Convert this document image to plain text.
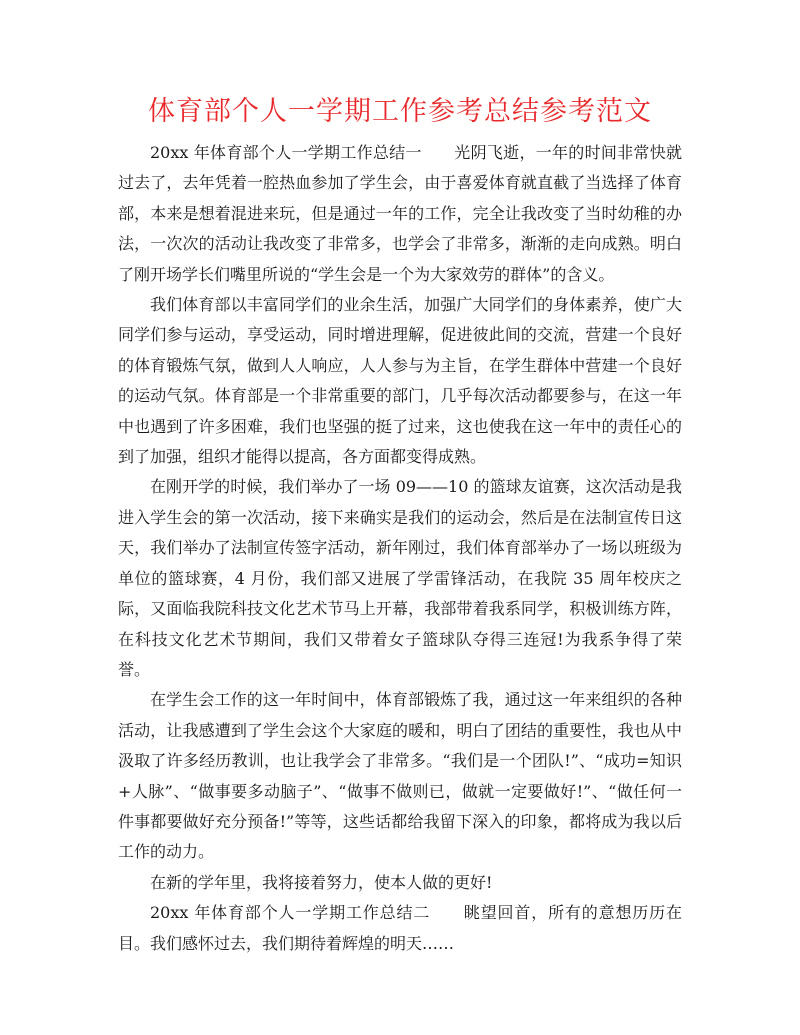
体育部个人一学期工作参考总结参考范文

20xx 年体育部个人一学期工作总结一　　光阴飞逝，一年的时间非常快就过去了，去年凭着一腔热血参加了学生会，由于喜爱体育就直截了当选择了体育部，本来是想着混进来玩，但是通过一年的工作，完全让我改变了当时幼稚的办法，一次次的活动让我改变了非常多，也学会了非常多，渐渐的走向成熟。明白了刚开场学长们嘴里所说的“学生会是一个为大家效劳的群体”的含义。

我们体育部以丰富同学们的业余生活，加强广大同学们的身体素养，使广大同学们参与运动，享受运动，同时增进理解，促进彼此间的交流，营建一个良好的体育锻炼气氛，做到人人响应，人人参与为主旨，在学生群体中营建一个良好的运动气氛。体育部是一个非常重要的部门，几乎每次活动都要参与，在这一年中也遇到了许多困难，我们也坚强的挺了过来，这也使我在这一年中的责任心的到了加强，组织才能得以提高，各方面都变得成熟。

在刚开学的时候，我们举办了一场 09——10 的篮球友谊赛，这次活动是我进入学生会的第一次活动，接下来确实是我们的运动会，然后是在法制宣传日这天，我们举办了法制宣传签字活动，新年刚过，我们体育部举办了一场以班级为单位的篮球赛，4 月份，我们部又进展了学雷锋活动，在我院 35 周年校庆之际，又面临我院科技文化艺术节马上开幕，我部带着我系同学，积极训练方阵，在科技文化艺术节期间，我们又带着女子篮球队夺得三连冠!为我系争得了荣誉。

在学生会工作的这一年时间中，体育部锻炼了我，通过这一年来组织的各种活动，让我感遭到了学生会这个大家庭的暖和，明白了团结的重要性，我也从中汲取了许多经历教训，也让我学会了非常多。“我们是一个团队!”、“成功=知识+人脉”、“做事要多动脑子”、“做事不做则已，做就一定要做好!”、“做任何一件事都要做好充分预备!”等等，这些话都给我留下深入的印象，都将成为我以后工作的动力。

在新的学年里，我将接着努力，使本人做的更好!

20xx 年体育部个人一学期工作总结二　　眺望回首，所有的意想历历在目。我们感怀过去，我们期待着辉煌的明天……
